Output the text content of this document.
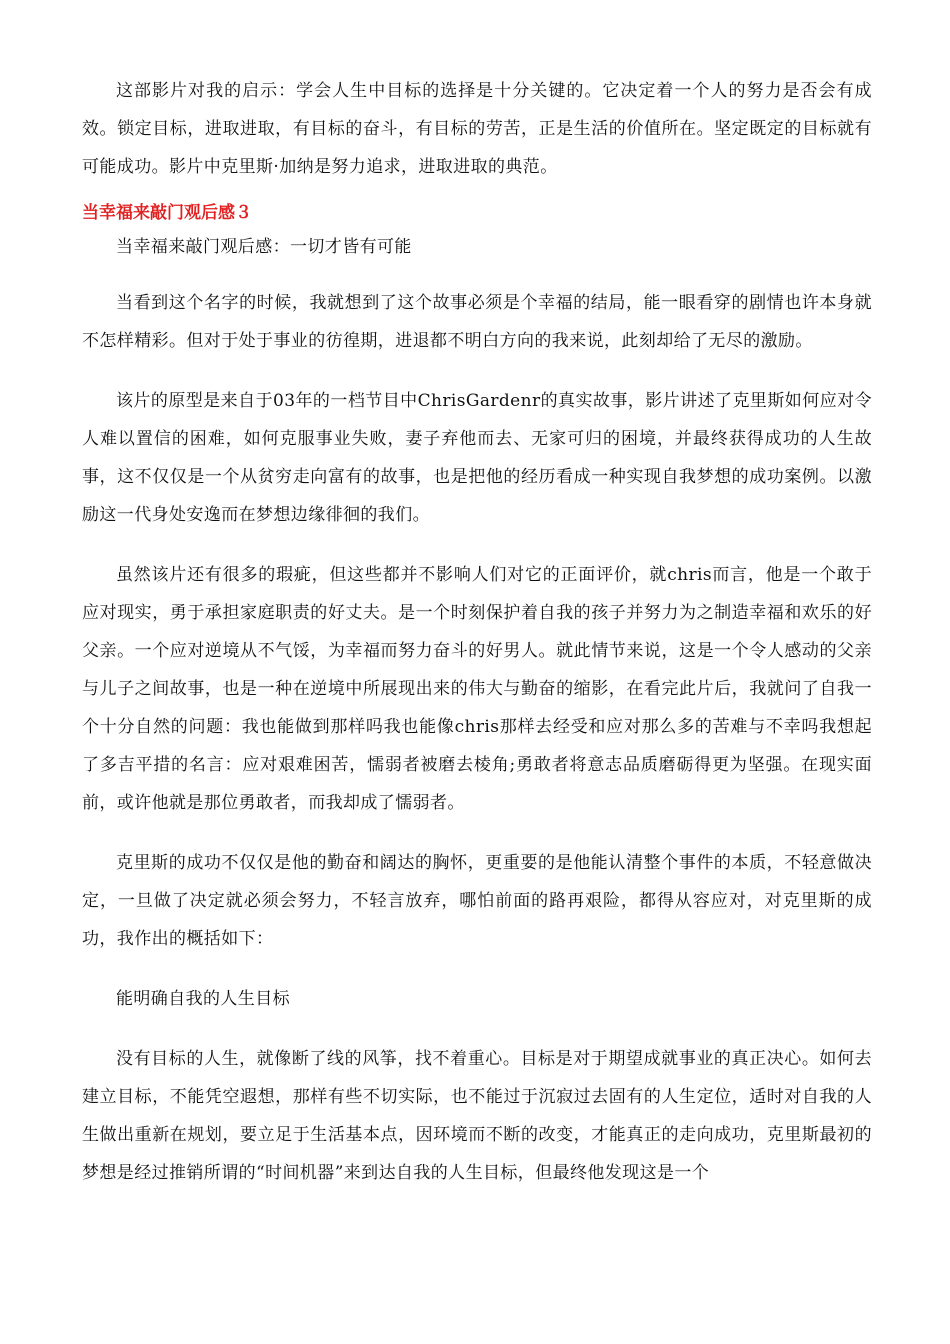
这部影片对我的启示：学会人生中目标的选择是十分关键的。它决定着一个人的努力是否会有成效。锁定目标，进取进取，有目标的奋斗，有目标的劳苦，正是生活的价值所在。坚定既定的目标就有可能成功。影片中克里斯·加纳是努力追求，进取进取的典范。

当幸福来敲门观后感３

当幸福来敲门观后感：一切才皆有可能

当看到这个名字的时候，我就想到了这个故事必须是个幸福的结局，能一眼看穿的剧情也许本身就不怎样精彩。但对于处于事业的彷徨期，进退都不明白方向的我来说，此刻却给了无尽的激励。

该片的原型是来自于03年的一档节目中ChrisGardenr的真实故事，影片讲述了克里斯如何应对令人难以置信的困难，如何克服事业失败，妻子弃他而去、无家可归的困境，并最终获得成功的人生故事，这不仅仅是一个从贫穷走向富有的故事，也是把他的经历看成一种实现自我梦想的成功案例。以激励这一代身处安逸而在梦想边缘徘徊的我们。

虽然该片还有很多的瑕疵，但这些都并不影响人们对它的正面评价，就chris而言，他是一个敢于应对现实，勇于承担家庭职责的好丈夫。是一个时刻保护着自我的孩子并努力为之制造幸福和欢乐的好父亲。一个应对逆境从不气馁，为幸福而努力奋斗的好男人。就此情节来说，这是一个令人感动的父亲与儿子之间故事，也是一种在逆境中所展现出来的伟大与勤奋的缩影，在看完此片后，我就问了自我一个十分自然的问题：我也能做到那样吗我也能像chris那样去经受和应对那么多的苦难与不幸吗我想起了多吉平措的名言：应对艰难困苦，懦弱者被磨去棱角;勇敢者将意志品质磨砺得更为坚强。在现实面前，或许他就是那位勇敢者，而我却成了懦弱者。

克里斯的成功不仅仅是他的勤奋和阔达的胸怀，更重要的是他能认清整个事件的本质，不轻意做决定，一旦做了决定就必须会努力，不轻言放弃，哪怕前面的路再艰险，都得从容应对，对克里斯的成功，我作出的概括如下：

能明确自我的人生目标

没有目标的人生，就像断了线的风筝，找不着重心。目标是对于期望成就事业的真正决心。如何去建立目标，不能凭空遐想，那样有些不切实际，也不能过于沉寂过去固有的人生定位，适时对自我的人生做出重新在规划，要立足于生活基本点，因环境而不断的改变，才能真正的走向成功，克里斯最初的梦想是经过推销所谓的“时间机器”来到达自我的人生目标，但最终他发现这是一个
